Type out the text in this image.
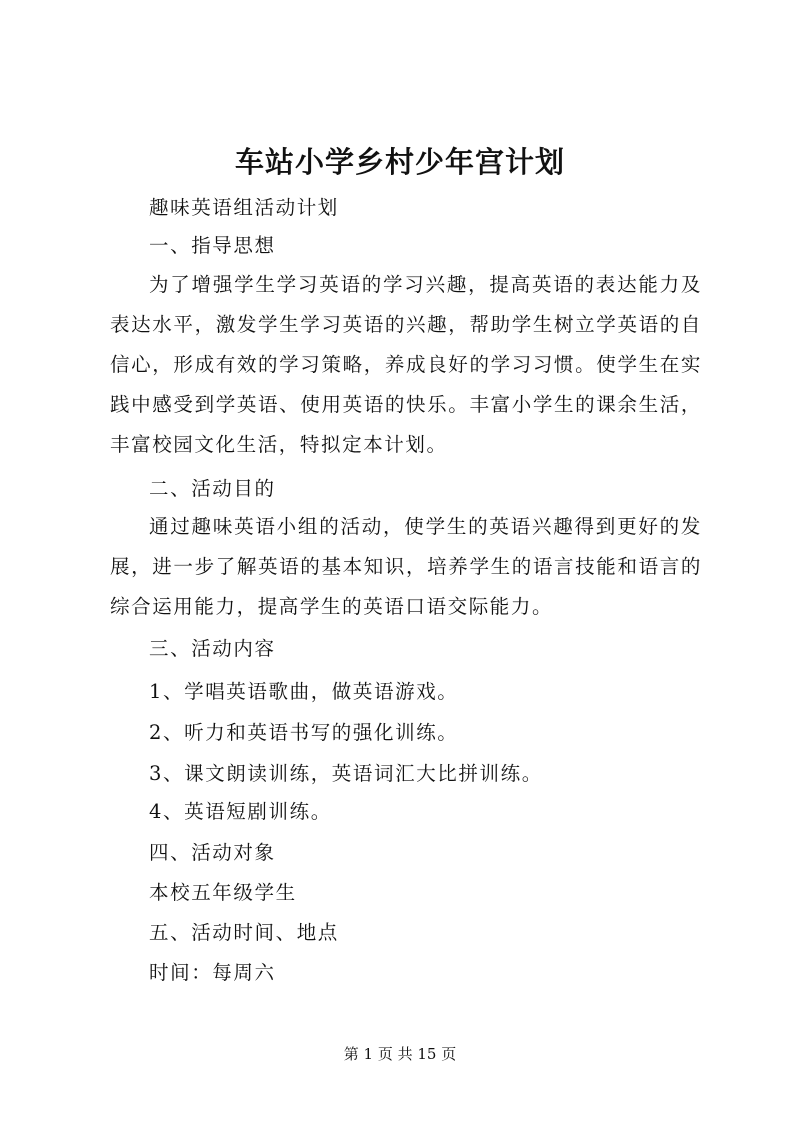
车站小学乡村少年宫计划
趣味英语组活动计划
一、指导思想
为了增强学生学习英语的学习兴趣，提高英语的表达能力及
表达水平，激发学生学习英语的兴趣，帮助学生树立学英语的自
信心，形成有效的学习策略，养成良好的学习习惯。使学生在实
践中感受到学英语、使用英语的快乐。丰富小学生的课余生活，
丰富校园文化生活，特拟定本计划。
二、活动目的
通过趣味英语小组的活动，使学生的英语兴趣得到更好的发
展，进一步了解英语的基本知识，培养学生的语言技能和语言的
综合运用能力，提高学生的英语口语交际能力。
三、活动内容
1、学唱英语歌曲，做英语游戏。
2、听力和英语书写的强化训练。
3、课文朗读训练，英语词汇大比拼训练。
4、英语短剧训练。
四、活动对象
本校五年级学生
五、活动时间、地点
时间：每周六
第 1 页 共 15 页
